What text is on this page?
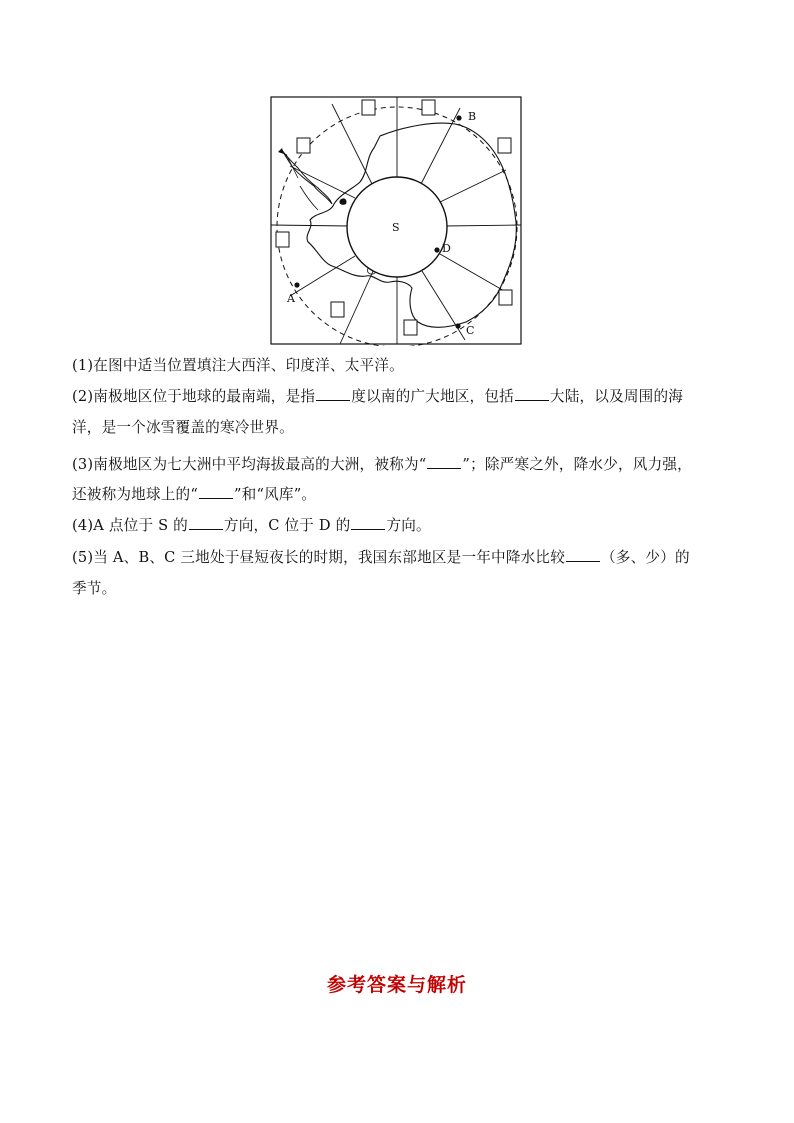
S
B
D
A
C
(1)在图中适当位置填注大西洋、印度洋、太平洋。
(2)南极地区位于地球的最南端，是指 度以南的广大地区，包括 大陆，以及周围的海
洋，是一个冰雪覆盖的寒冷世界。
(3)南极地区为七大洲中平均海拔最高的大洲，被称为“ ”；除严寒之外，降水少，风力强，
还被称为地球上的“ ”和“风库”。
(4)A 点位于 S 的 方向，C 位于 D 的 方向。
(5)当 A、B、C 三地处于昼短夜长的时期，我国东部地区是一年中降水比较 （多、少）的
季节。
参考答案与解析
